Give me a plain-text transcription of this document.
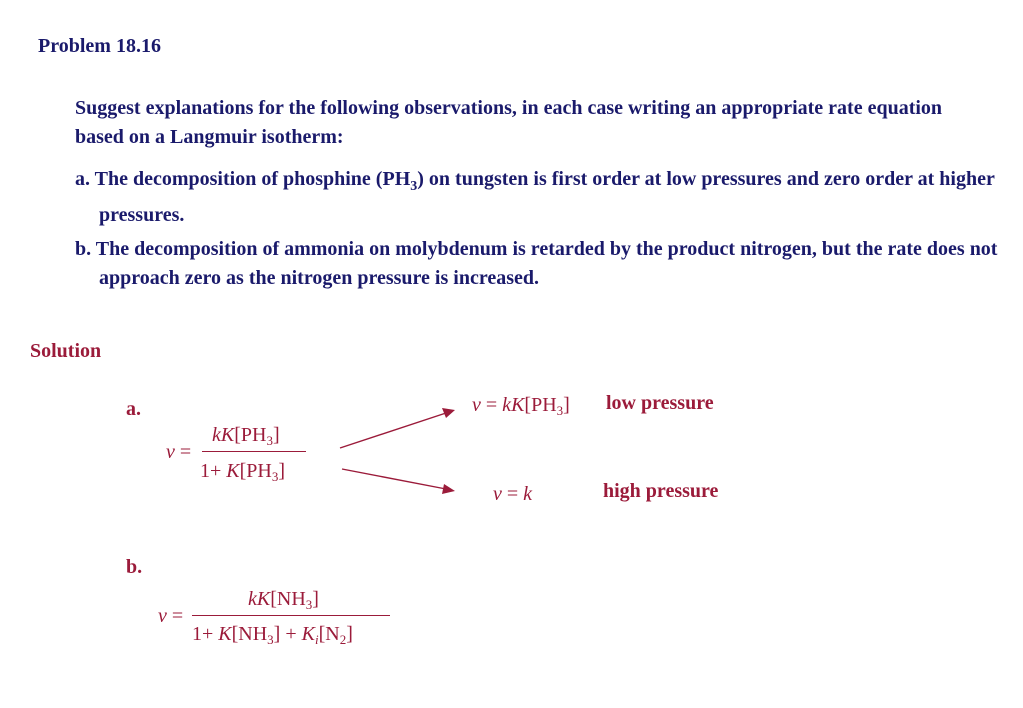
Problem 18.16
Suggest explanations for the following observations, in each case writing an appropriate rate equation based on a Langmuir isotherm:
a. The decomposition of phosphine $(PH_3)$ on tungsten is first order at low pressures and zero order at higher pressures.
b. The decomposition of ammonia on molybdenum is retarded by the product nitrogen, but the rate does not approach zero as the nitrogen pressure is increased.
Solution
a.
b.
v =
$kK[PH_3]$
$1+ K[PH_3]$
$v = kK[PH_3]$ low pressure
v = k	high pressure
v =
$kK[NH_3]$
$1+ K[NH_3] + K_i[N_2]$
